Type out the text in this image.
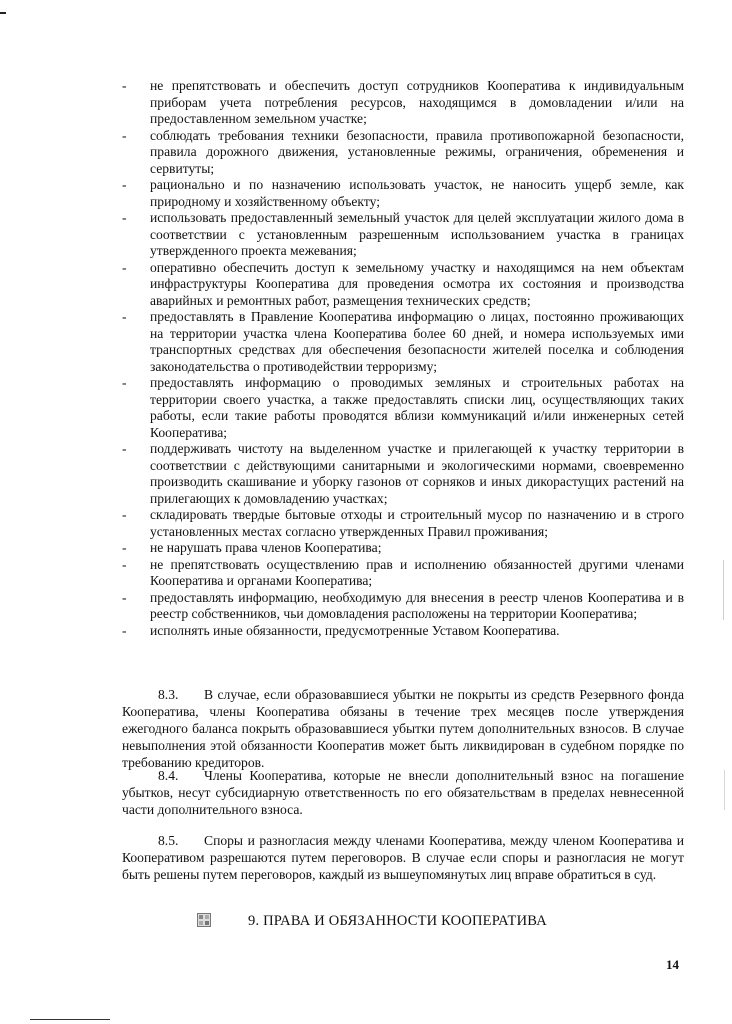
- не препятствовать и обеспечить доступ сотрудников Кооператива к индивидуальным приборам учета потребления ресурсов, находящимся в домовладении и/или на предоставленном земельном участке;
- соблюдать требования техники безопасности, правила противопожарной безопасности, правила дорожного движения, установленные режимы, ограничения, обременения и сервитуты;
- рационально и по назначению использовать участок, не наносить ущерб земле, как природному и хозяйственному объекту;
- использовать предоставленный земельный участок для целей эксплуатации жилого дома в соответствии с установленным разрешенным использованием участка в границах утвержденного проекта межевания;
- оперативно обеспечить доступ к земельному участку и находящимся на нем объектам инфраструктуры Кооператива для проведения осмотра их состояния и производства аварийных и ремонтных работ, размещения технических средств;
- предоставлять в Правление Кооператива информацию о лицах, постоянно проживающих на территории участка члена Кооператива более 60 дней, и номера используемых ими транспортных средствах для обеспечения безопасности жителей поселка и соблюдения законодательства о противодействии терроризму;
- предоставлять информацию о проводимых земляных и строительных работах на территории своего участка, а также предоставлять списки лиц, осуществляющих таких работы, если такие работы проводятся вблизи коммуникаций и/или инженерных сетей Кооператива;
- поддерживать чистоту на выделенном участке и прилегающей к участку территории в соответствии с действующими санитарными и экологическими нормами, своевременно производить скашивание и уборку газонов от сорняков и иных дикорастущих растений на прилегающих к домовладению участках;
- складировать твердые бытовые отходы и строительный мусор по назначению и в строго установленных местах согласно утвержденных Правил проживания;
- не нарушать права членов Кооператива;
- не препятствовать осуществлению прав и исполнению обязанностей другими членами Кооператива и органами Кооператива;
- предоставлять информацию, необходимую для внесения в реестр членов Кооператива и в реестр собственников, чьи домовладения расположены на территории Кооператива;
- исполнять иные обязанности, предусмотренные Уставом Кооператива.

8.3. В случае, если образовавшиеся убытки не покрыты из средств Резервного фонда Кооператива, члены Кооператива обязаны в течение трех месяцев после утверждения ежегодного баланса покрыть образовавшиеся убытки путем дополнительных взносов. В случае невыполнения этой обязанности Кооператив может быть ликвидирован в судебном порядке по требованию кредиторов.

8.4. Члены Кооператива, которые не внесли дополнительный взнос на погашение убытков, несут субсидиарную ответственность по его обязательствам в пределах невнесенной части дополнительного взноса.

8.5. Споры и разногласия между членами Кооператива, между членом Кооператива и Кооперативом разрешаются путем переговоров. В случае если споры и разногласия не могут быть решены путем переговоров, каждый из вышеупомянутых лиц вправе обратиться в суд.

9. ПРАВА И ОБЯЗАННОСТИ КООПЕРАТИВА
14
